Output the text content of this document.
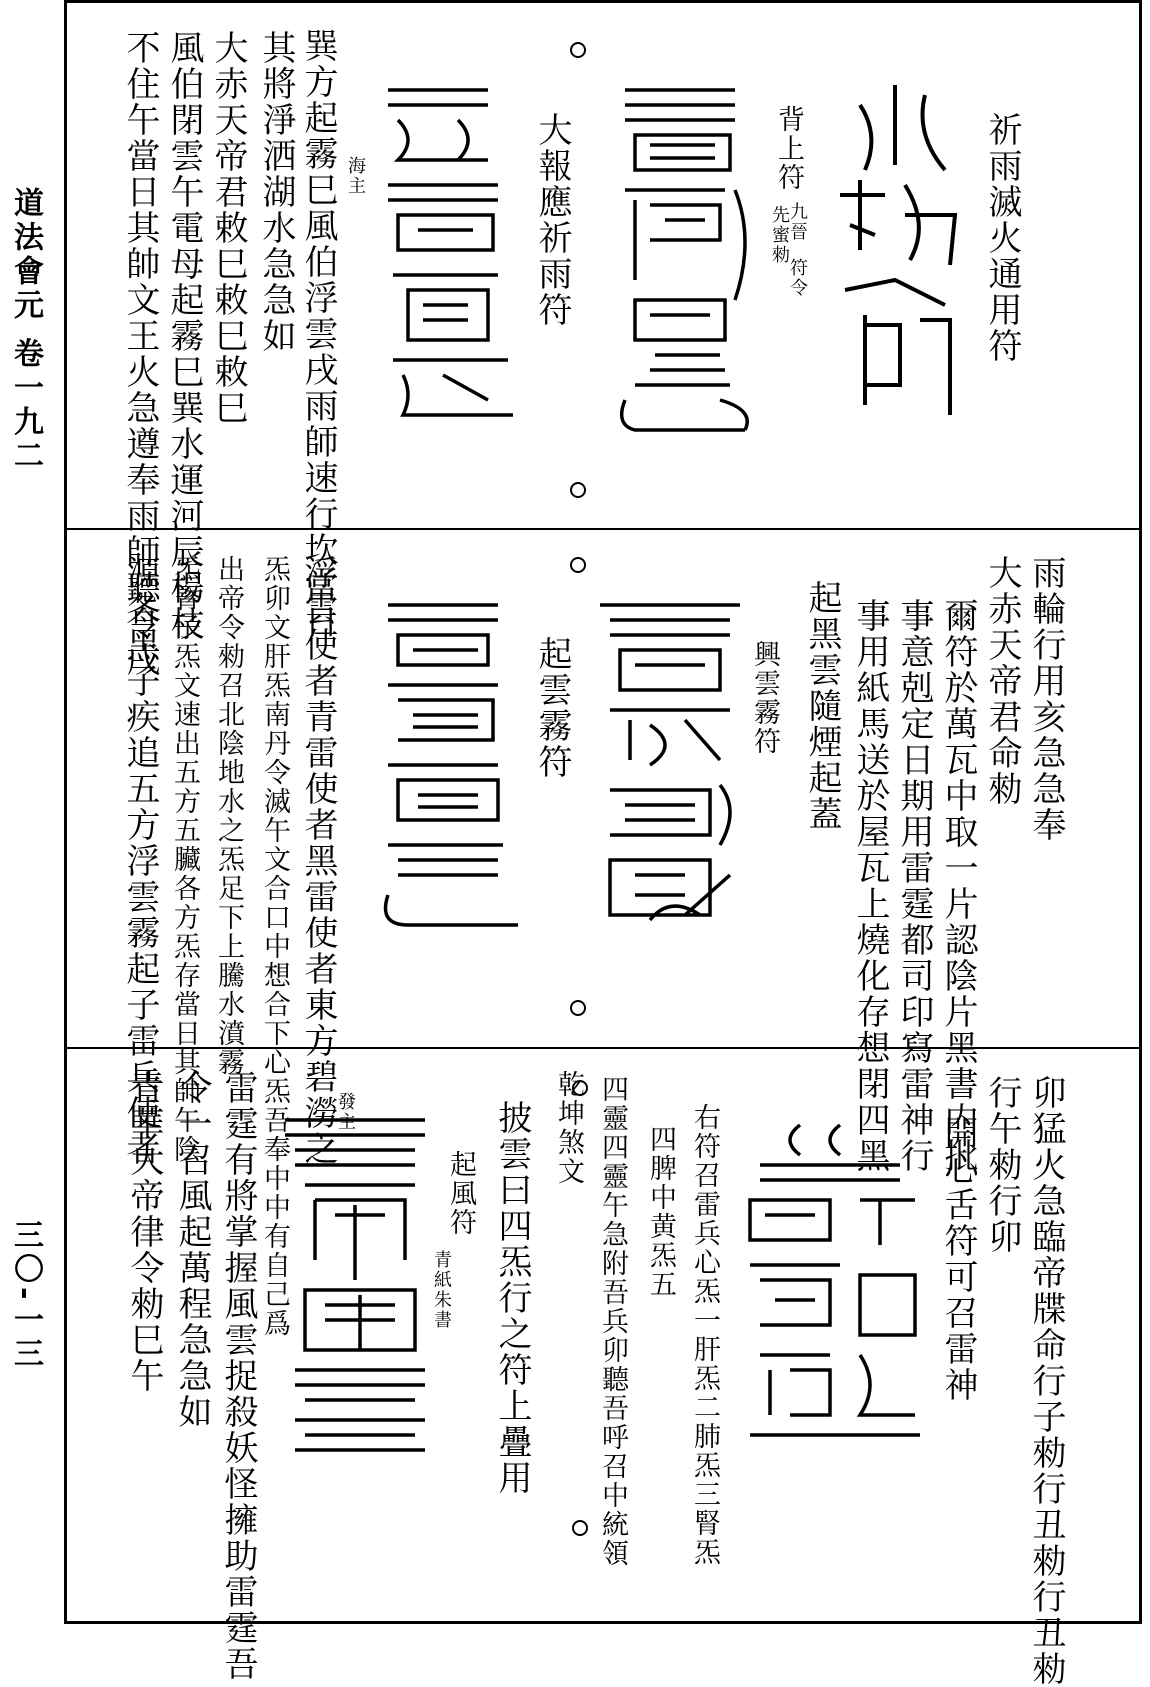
道法會元 卷一九二
三〇-一三
祈雨滅火通用符
背上符
九晉
先蜜勑
符令
大報應祈雨符
海主
巽方起霧巳風伯浮雲戌雨師速行坎當日
其將淨洒湖水急急如
大赤天帝君敕巳敕巳敕巳
風伯閉雲午電母起霧巳巽水運河辰楊枝
不住午當日其帥文王火急遵奉雨師聽令戌
雨輪行用亥急急奉
大赤天帝君命勑
爾符於萬瓦中取一片認陰片黑書内批
事意剋定日期用雷霆都司印寫雷神行
事用紙馬送於屋瓦上燒化存想閉四黑
起黑雲隨煙起蓋
興雲霧符
起雲霧符
浮雲使者青雷使者黑雷使者東方碧澇之
炁卯文肝炁南丹令滅午文合口中想合下心炁吾奉中中有自己爲
出帝令勑召北陰地水之炁足下上騰水濆霧
炁腎子炁文速出五方五臟各方炁存當日其帥午陰
源各黑子疾追五方浮雲霧起子雷兵使者
卯猛火急臨帝牒命行子勑行丑勑行丑勑
行午勑行卯
開心舌符可召雷神
右符召雷兵心炁一肝炁二肺炁三腎炁
四脾中黄炁五
四靈四靈午急附吾兵卯聽吾呼召中統領
乾坤煞文
披雲曰四炁行之符上疊用
起風符
青紙朱書
發主
雷霆有將掌握風雲捉殺妖怪擁助雷霆吾
令一召風起萬程急急如
青華大帝律令勑巳午
